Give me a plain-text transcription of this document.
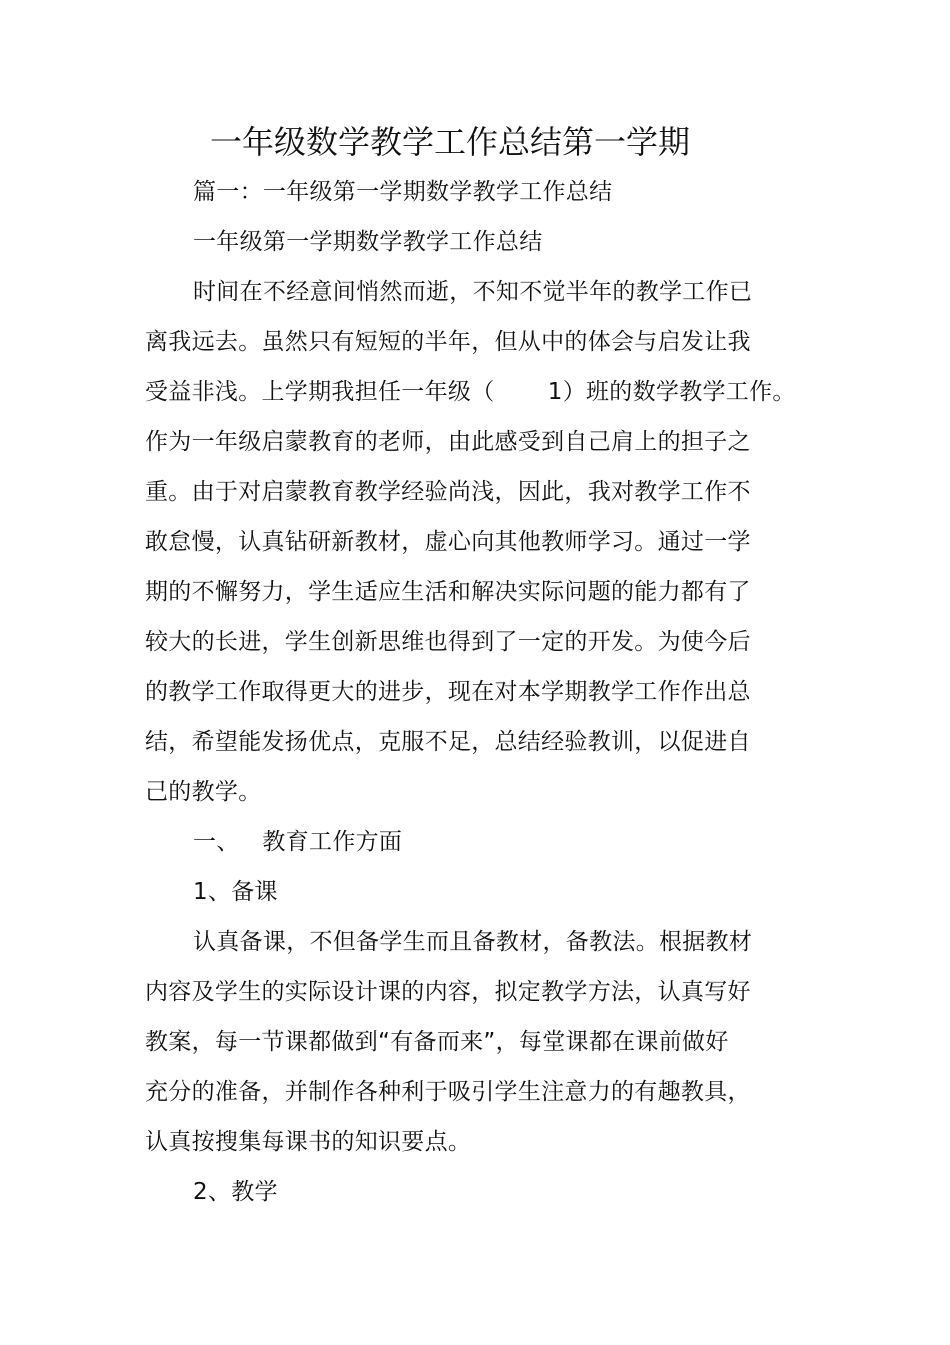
一年级数学教学工作总结第一学期
篇一：一年级第一学期数学教学工作总结
一年级第一学期数学教学工作总结
时间在不经意间悄然而逝，不知不觉半年的教学工作已
离我远去。虽然只有短短的半年，但从中的体会与启发让我
受益非浅。上学期我担任一年级（       1）班的数学教学工作。
作为一年级启蒙教育的老师，由此感受到自己肩上的担子之
重。由于对启蒙教育教学经验尚浅，因此，我对教学工作不
敢怠慢，认真钻研新教材，虚心向其他教师学习。通过一学
期的不懈努力，学生适应生活和解决实际问题的能力都有了
较大的长进，学生创新思维也得到了一定的开发。为使今后
的教学工作取得更大的进步，现在对本学期教学工作作出总
结，希望能发扬优点，克服不足，总结经验教训，以促进自
己的教学。
一、   教育工作方面
1、备课
认真备课，不但备学生而且备教材，备教法。根据教材
内容及学生的实际设计课的内容，拟定教学方法，认真写好
教案，每一节课都做到“有备而来”，每堂课都在课前做好
充分的准备，并制作各种利于吸引学生注意力的有趣教具，
认真按搜集每课书的知识要点。
2、教学
